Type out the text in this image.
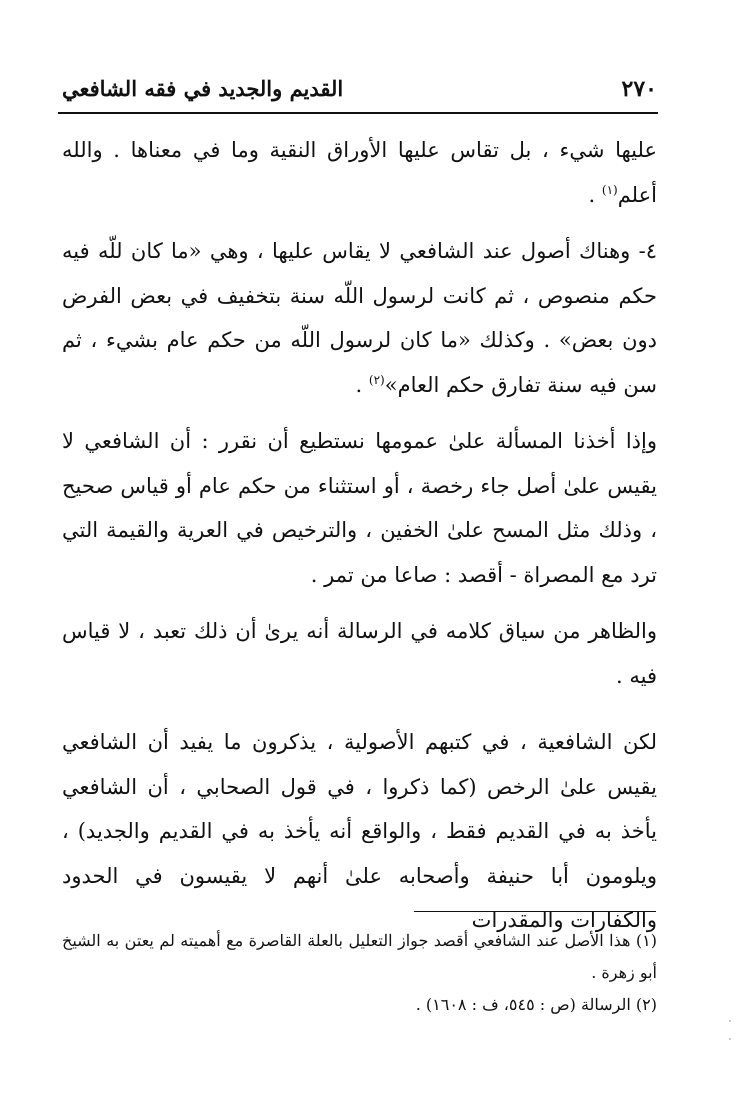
٢٧٠
القديم والجديد في فقه الشافعي

عليها شيء ، بل تقاس عليها الأوراق النقية وما في معناها . والله أعلم$^{(١)}$ .

٤- وهناك أصول عند الشافعي لا يقاس عليها ، وهي «ما كان للّه فيه حكم منصوص ، ثم كانت لرسول اللّه سنة بتخفيف في بعض الفرض دون بعض» . وكذلك «ما كان لرسول اللّه من حكم عام بشيء ، ثم سن فيه سنة تفارق حكم العام»$^{(٢)}$ .

وإذا أخذنا المسألة علىٰ عمومها نستطيع أن نقرر : أن الشافعي لا يقيس علىٰ أصل جاء رخصة ، أو استثناء من حكم عام أو قياس صحيح ، وذلك مثل المسح علىٰ الخفين ، والترخيص في العرية والقيمة التي ترد مع المصراة - أقصد : صاعا من تمر .

والظاهر من سياق كلامه في الرسالة أنه يرىٰ أن ذلك تعبد ، لا قياس فيه .

لكن الشافعية ، في كتبهم الأصولية ، يذكرون ما يفيد أن الشافعي يقيس علىٰ الرخص (كما ذكروا ، في قول الصحابي ، أن الشافعي يأخذ به في القديم فقط ، والواقع أنه يأخذ به في القديم والجديد) ، ويلومون أبا حنيفة وأصحابه علىٰ أنهم لا يقيسون في الحدود والكفارات والمقدرات

(١) هذا الأصل عند الشافعي أقصد جواز التعليل بالعلة القاصرة مع أهميته لم يعتن به الشيخ أبو زهرة .

(٢) الرسالة (ص : ٥٤٥، ف : ١٦٠٨) .
